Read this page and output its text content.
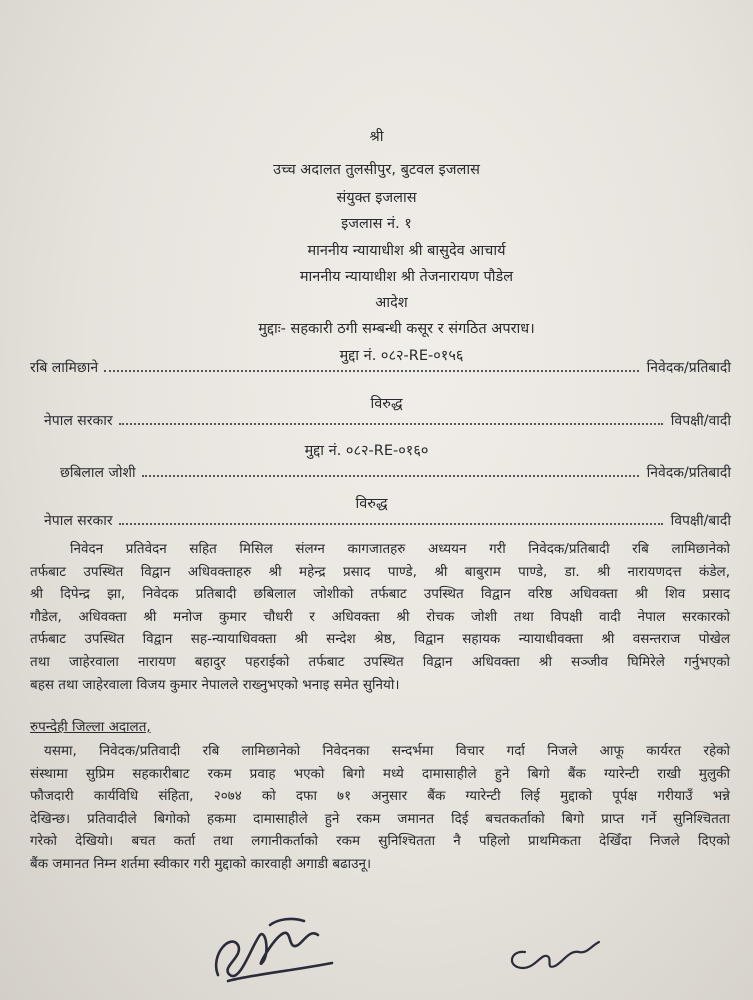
श्री
उच्च अदालत तुलसीपुर, बुटवल इजलास
संयुक्त इजलास
इजलास नं. १
माननीय न्यायाधीश श्री बासुदेव आचार्य
माननीय न्यायाधीश श्री तेजनारायण पौडेल
आदेश
मुद्दाः- सहकारी ठगी सम्बन्धी कसूर र संगठित अपराध।
मुद्दा नं. ०८२-RE-०१५६
रबि लामिछाने	निवेदक/प्रतिबादी
विरुद्ध
नेपाल सरकार	विपक्षी/वादी
मुद्दा नं. ०८२-RE-०१६०
छबिलाल जोशी	निवेदक/प्रतिबादी
विरुद्ध
नेपाल सरकार	विपक्षी/बादी
निवेदन प्रतिवेदन सहित मिसिल संलग्न कागजातहरु अध्ययन गरी निवेदक/प्रतिबादी रबि लामिछानेको
तर्फबाट उपस्थित विद्वान अधिवक्ताहरु श्री महेन्द्र प्रसाद पाण्डे, श्री बाबुराम पाण्डे, डा. श्री नारायणदत्त कंडेल,
श्री दिपेन्द्र झा, निवेदक प्रतिबादी छबिलाल जोशीको तर्फबाट उपस्थित विद्वान वरिष्ठ अधिवक्ता श्री शिव प्रसाद
गौडेल, अधिवक्ता श्री मनोज कुमार चौधरी र अधिवक्ता श्री रोचक जोशी तथा विपक्षी वादी नेपाल सरकारको
तर्फबाट उपस्थित विद्वान सह-न्यायाधिवक्ता श्री सन्देश श्रेष्ठ, विद्वान सहायक न्यायाधीवक्ता श्री वसन्तराज पोखेल
तथा जाहेरवाला नारायण बहादुर पहराईको तर्फबाट उपस्थित विद्वान अधिवक्ता श्री सञ्जीव घिमिरेले गर्नुभएको
बहस तथा जाहेरवाला विजय कुमार नेपालले राख्नुभएको भनाइ समेत सुनियो।
रुपन्देही जिल्ला अदालत,
यसमा, निवेदक/प्रतिवादी रबि लामिछानेको निवेदनका सन्दर्भमा विचार गर्दा निजले आफू कार्यरत रहेको
संस्थामा सुप्रिम सहकारीबाट रकम प्रवाह भएको बिगो मध्ये दामासाहीले हुने बिगो बैंक ग्यारेन्टी राखी मुलुकी
फौजदारी कार्यविधि संहिता, २०७४ को दफा ७१ अनुसार बैंक ग्यारेन्टी लिई मुद्दाको पूर्पक्ष गरीयाउँ भन्ने
देखिन्छ। प्रतिवादीले बिगोको हकमा दामासाहीले हुने रकम जमानत दिई बचतकर्ताको बिगो प्राप्त गर्ने सुनिश्चितता
गरेको देखियो। बचत कर्ता तथा लगानीकर्ताको रकम सुनिश्चितता नै पहिलो प्राथमिकता देखिँदा निजले दिएको
बैंक जमानत निम्न शर्तमा स्वीकार गरी मुद्दाको कारवाही अगाडी बढाउनू।
